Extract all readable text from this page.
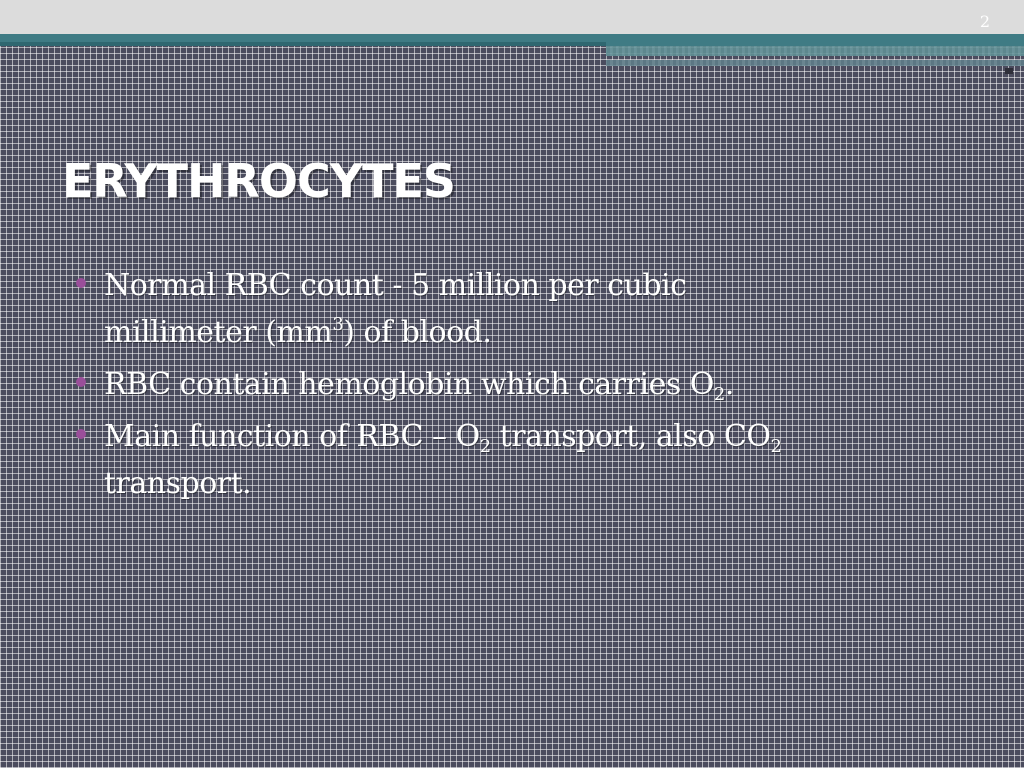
2
ERYTHROCYTES
Normal RBC count - 5 million per cubic
millimeter $(mm^3)$ of blood.
RBC contain hemoglobin which carries $O_2$.
Main function of RBC – $O_2$ transport, also $CO_2$
transport.
